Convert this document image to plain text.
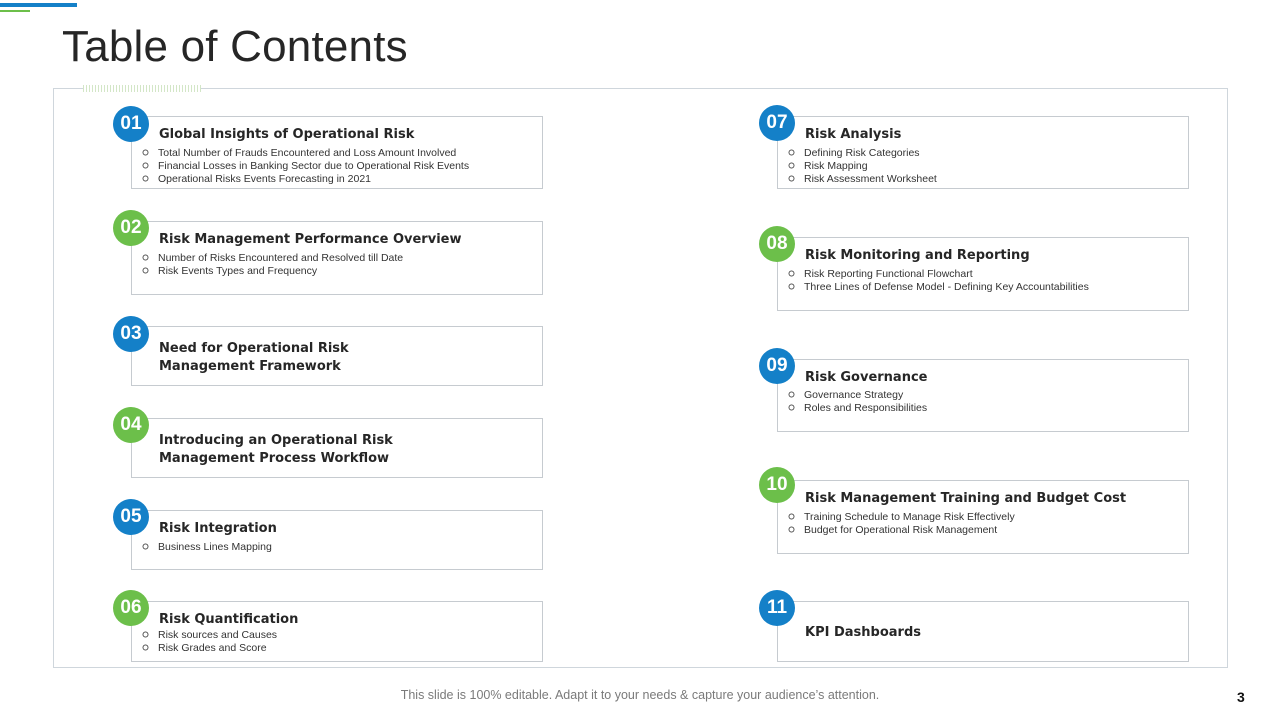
Table of Contents
Global Insights of Operational Risk
Total Number of Frauds Encountered and Loss Amount Involved
Financial Losses in Banking Sector due to Operational Risk Events
Operational Risks Events Forecasting in 2021
01
Risk Management Performance Overview
Number of Risks Encountered and Resolved till Date
Risk Events Types and Frequency
02
Need for Operational Risk Management Framework
03
Introducing an Operational Risk Management Process Workflow
04
Risk Integration
Business Lines Mapping
05
Risk Quantification
Risk sources and Causes
Risk Grades and Score
06
Risk Analysis
Defining Risk Categories
Risk Mapping
Risk Assessment Worksheet
07
Risk Monitoring and Reporting
Risk Reporting Functional Flowchart
Three Lines of Defense Model - Defining Key Accountabilities
08
Risk Governance
Governance Strategy
Roles and Responsibilities
09
Risk Management Training and Budget Cost
Training Schedule to Manage Risk Effectively
Budget for Operational Risk Management
10
KPI Dashboards
11
This slide is 100% editable. Adapt it to your needs & capture your audience’s attention.	3
